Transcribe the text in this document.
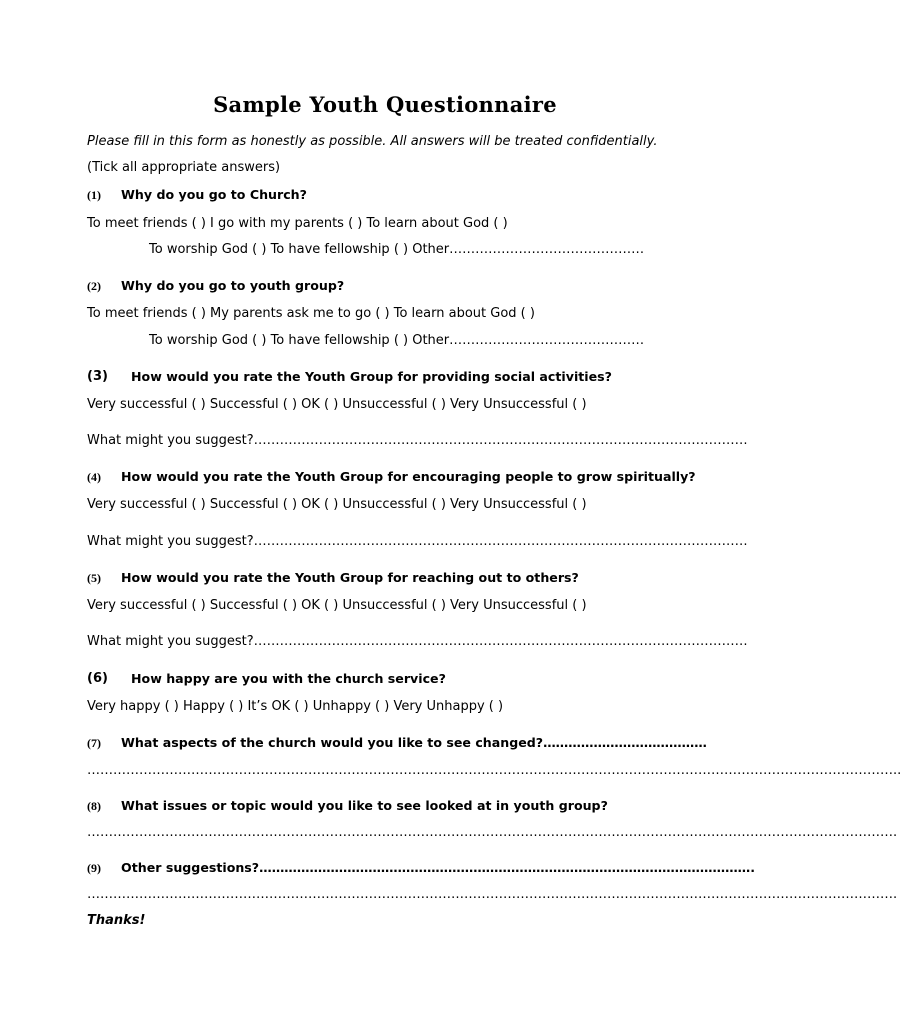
Sample Youth Questionnaire
Please fill in this form as honestly as possible. All answers will be treated confidentially.
(Tick all appropriate answers)
(1) Why do you go to Church?
To meet friends ( ) I go with my parents ( ) To learn about God ( )
To worship God ( ) To have fellowship ( ) Other………………………………………
(2) Why do you go to youth group?
To meet friends ( ) My parents ask me to go ( ) To learn about God ( )
To worship God ( ) To have fellowship ( ) Other………………………………………
(3) How would you rate the Youth Group for providing social activities?
Very successful ( ) Successful ( ) OK ( ) Unsuccessful ( ) Very Unsuccessful ( )
What might you suggest?……………………………………………………………………………………………………
(4) How would you rate the Youth Group for encouraging people to grow spiritually?
Very successful ( ) Successful ( ) OK ( ) Unsuccessful ( ) Very Unsuccessful ( )
What might you suggest?……………………………………………………………………………………………………
(5) How would you rate the Youth Group for reaching out to others?
Very successful ( ) Successful ( ) OK ( ) Unsuccessful ( ) Very Unsuccessful ( )
What might you suggest?……………………………………………………………………………………………………
(6) How happy are you with the church service?
Very happy ( ) Happy ( ) It’s OK ( ) Unhappy ( ) Very Unhappy ( )
(7) What aspects of the church would you like to see changed?…………………………………
……………………………………………………………………………………………………………………………………………………………………..
(8) What issues or topic would you like to see looked at in youth group?
…………………………………………………………………………………………………………………………………………………………………….
(9) Other suggestions?……………………………………………………………………………………………………….
…………………………………………………………………………………………………………………………………………………………………….
Thanks!
